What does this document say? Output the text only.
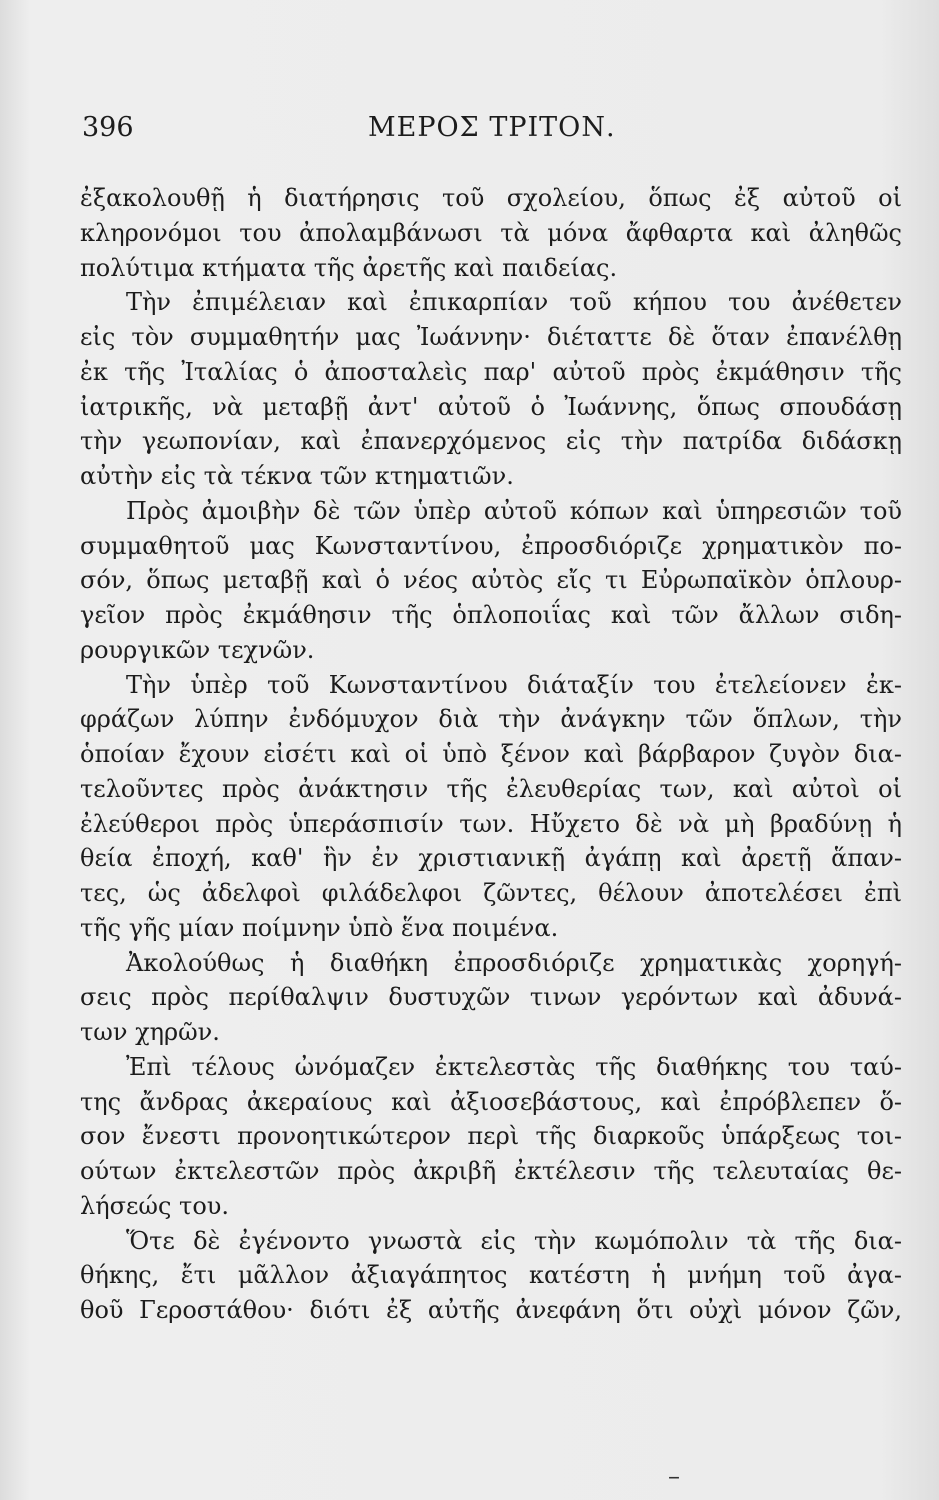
396	ΜΕΡΟΣ ΤΡΙΤΟΝ.
ἐξακολουθῇ ἡ διατήρησις τοῦ σχολείου, ὅπως ἐξ αὐτοῦ οἱ
κληρονόμοι του ἀπολαμβάνωσι τὰ μόνα ἄφθαρτα καὶ ἀληθῶς
πολύτιμα κτήματα τῆς ἀρετῆς καὶ παιδείας.
Τὴν ἐπιμέλειαν καὶ ἐπικαρπίαν τοῦ κήπου του ἀνέθετεν
εἰς τὸν συμμαθητήν μας Ἰωάννην· διέταττε δὲ ὅταν ἐπανέλθῃ
ἐκ τῆς Ἰταλίας ὁ ἀποσταλεὶς παρ' αὐτοῦ πρὸς ἐκμάθησιν τῆς
ἰατρικῆς, νὰ μεταβῇ ἀντ' αὐτοῦ ὁ Ἰωάννης, ὅπως σπουδάσῃ
τὴν γεωπονίαν, καὶ ἐπανερχόμενος εἰς τὴν πατρίδα διδάσκῃ
αὐτὴν εἰς τὰ τέκνα τῶν κτηματιῶν.
Πρὸς ἀμοιβὴν δὲ τῶν ὑπὲρ αὐτοῦ κόπων καὶ ὑπηρεσιῶν τοῦ
συμμαθητοῦ μας Κωνσταντίνου, ἐπροσδιόριζε χρηματικὸν πο-
σόν, ὅπως μεταβῇ καὶ ὁ νέος αὐτὸς εἴς τι Εὐρωπαϊκὸν ὁπλουρ-
γεῖον πρὸς ἐκμάθησιν τῆς ὁπλοποιΐας καὶ τῶν ἄλλων σιδη-
ρουργικῶν τεχνῶν.
Τὴν ὑπὲρ τοῦ Κωνσταντίνου διάταξίν του ἐτελείονεν ἐκ-
φράζων λύπην ἐνδόμυχον διὰ τὴν ἀνάγκην τῶν ὅπλων, τὴν
ὁποίαν ἔχουν εἰσέτι καὶ οἱ ὑπὸ ξένον καὶ βάρβαρον ζυγὸν δια-
τελοῦντες πρὸς ἀνάκτησιν τῆς ἐλευθερίας των, καὶ αὐτοὶ οἱ
ἐλεύθεροι πρὸς ὑπεράσπισίν των. Ηὔχετο δὲ νὰ μὴ βραδύνῃ ἡ
θεία ἐποχή, καθ' ἣν ἐν χριστιανικῇ ἀγάπῃ καὶ ἀρετῇ ἅπαν-
τες, ὡς ἀδελφοὶ φιλάδελφοι ζῶντες, θέλουν ἀποτελέσει ἐπὶ
τῆς γῆς μίαν ποίμνην ὑπὸ ἕνα ποιμένα.
Ἀκολούθως ἡ διαθήκη ἐπροσδιόριζε χρηματικὰς χορηγή-
σεις πρὸς περίθαλψιν δυστυχῶν τινων γερόντων καὶ ἀδυνά-
των χηρῶν.
Ἐπὶ τέλους ὠνόμαζεν ἐκτελεστὰς τῆς διαθήκης του ταύ-
της ἄνδρας ἀκεραίους καὶ ἀξιοσεβάστους, καὶ ἐπρόβλεπεν ὅ-
σον ἔνεστι προνοητικώτερον περὶ τῆς διαρκοῦς ὑπάρξεως τοι-
ούτων ἐκτελεστῶν πρὸς ἀκριβῆ ἐκτέλεσιν τῆς τελευταίας θε-
λήσεώς του.
Ὅτε δὲ ἐγένοντο γνωστὰ εἰς τὴν κωμόπολιν τὰ τῆς δια-
θήκης, ἔτι μᾶλλον ἀξιαγάπητος κατέστη ἡ μνήμη τοῦ ἀγα-
θοῦ Γεροστάθου· διότι ἐξ αὐτῆς ἀνεφάνη ὅτι οὐχὶ μόνον ζῶν,
–
